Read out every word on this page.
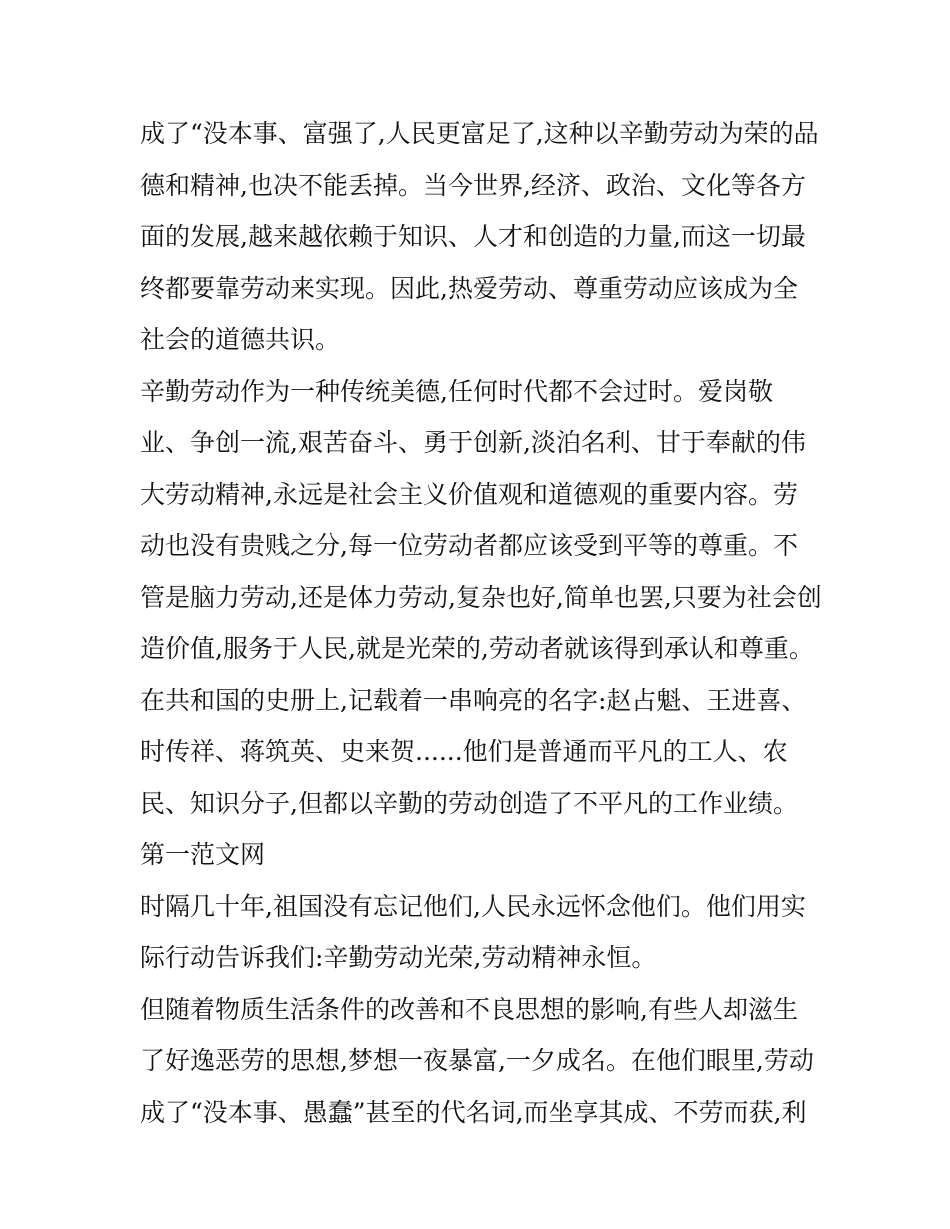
成了“没本事、富强了,人民更富足了,这种以辛勤劳动为荣的品
德和精神,也决不能丢掉。当今世界,经济、政治、文化等各方
面的发展,越来越依赖于知识、人才和创造的力量,而这一切最
终都要靠劳动来实现。因此,热爱劳动、尊重劳动应该成为全
社会的道德共识。
辛勤劳动作为一种传统美德,任何时代都不会过时。爱岗敬
业、争创一流,艰苦奋斗、勇于创新,淡泊名利、甘于奉献的伟
大劳动精神,永远是社会主义价值观和道德观的重要内容。劳
动也没有贵贱之分,每一位劳动者都应该受到平等的尊重。不
管是脑力劳动,还是体力劳动,复杂也好,简单也罢,只要为社会创
造价值,服务于人民,就是光荣的,劳动者就该得到承认和尊重。
在共和国的史册上,记载着一串响亮的名字:赵占魁、王进喜、
时传祥、蒋筑英、史来贺......他们是普通而平凡的工人、农
民、知识分子,但都以辛勤的劳动创造了不平凡的工作业绩。
第一范文网
时隔几十年,祖国没有忘记他们,人民永远怀念他们。他们用实
际行动告诉我们:辛勤劳动光荣,劳动精神永恒。
但随着物质生活条件的改善和不良思想的影响,有些人却滋生
了好逸恶劳的思想,梦想一夜暴富,一夕成名。在他们眼里,劳动
成了“没本事、愚蠢”甚至的代名词,而坐享其成、不劳而获,利
